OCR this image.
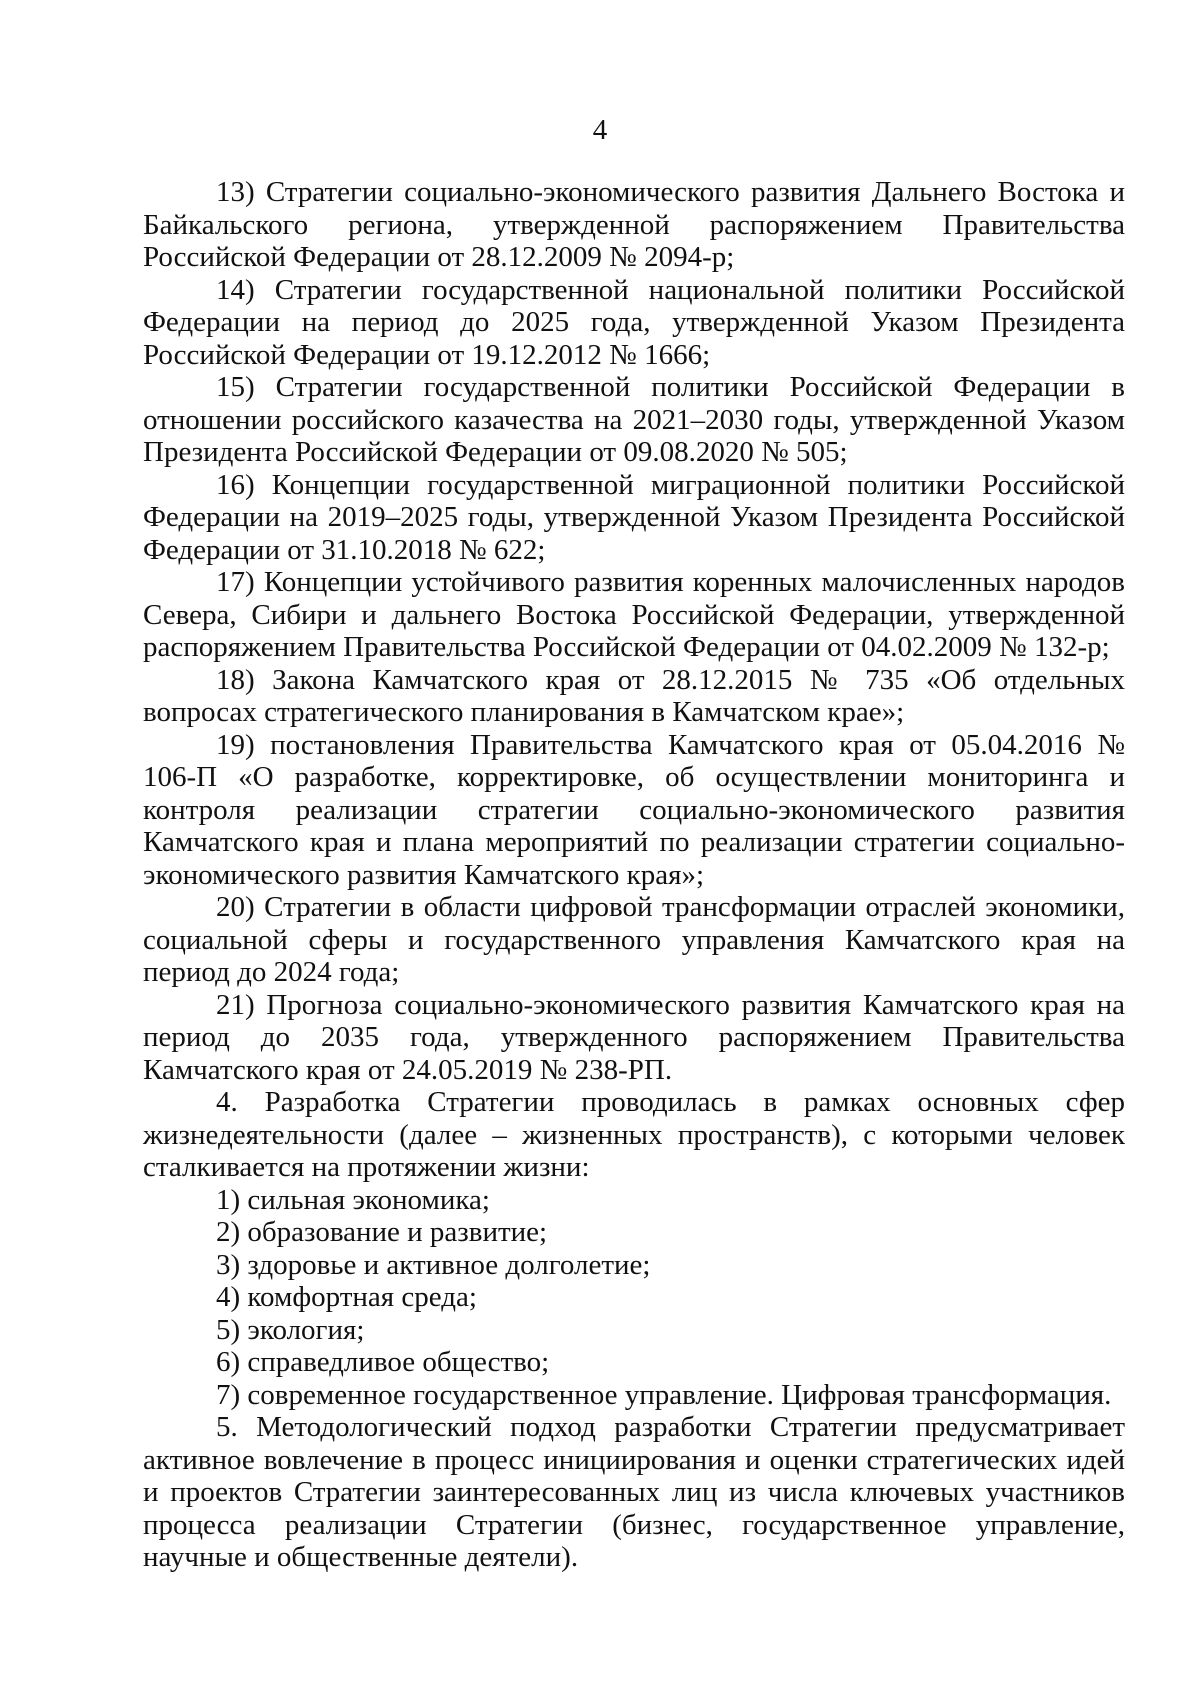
4

13) Стратегии социально-экономического развития Дальнего Востока и Байкальского региона, утвержденной распоряжением Правительства Российской Федерации от 28.12.2009 № 2094-р;

14) Стратегии государственной национальной политики Российской Федерации на период до 2025 года, утвержденной Указом Президента Российской Федерации от 19.12.2012 № 1666;

15) Стратегии государственной политики Российской Федерации в отношении российского казачества на 2021–2030 годы, утвержденной Указом Президента Российской Федерации от 09.08.2020 № 505;

16) Концепции государственной миграционной политики Российской Федерации на 2019–2025 годы, утвержденной Указом Президента Российской Федерации от 31.10.2018 № 622;

17) Концепции устойчивого развития коренных малочисленных народов Севера, Сибири и дальнего Востока Российской Федерации, утвержденной распоряжением Правительства Российской Федерации от 04.02.2009 № 132-р;

18) Закона Камчатского края от 28.12.2015 № 735 «Об отдельных вопросах стратегического планирования в Камчатском крае»;

19) постановления Правительства Камчатского края от 05.04.2016 № 106-П «О разработке, корректировке, об осуществлении мониторинга и контроля реализации стратегии социально-экономического развития Камчатского края и плана мероприятий по реализации стратегии социально-экономического развития Камчатского края»;

20) Стратегии в области цифровой трансформации отраслей экономики, социальной сферы и государственного управления Камчатского края на период до 2024 года;

21) Прогноза социально-экономического развития Камчатского края на период до 2035 года, утвержденного распоряжением Правительства Камчатского края от 24.05.2019 № 238-РП.

4. Разработка Стратегии проводилась в рамках основных сфер жизнедеятельности (далее – жизненных пространств), с которыми человек сталкивается на протяжении жизни:

1) сильная экономика;

2) образование и развитие;

3) здоровье и активное долголетие;

4) комфортная среда;

5) экология;

6) справедливое общество;

7) современное государственное управление. Цифровая трансформация.

5. Методологический подход разработки Стратегии предусматривает активное вовлечение в процесс инициирования и оценки стратегических идей и проектов Стратегии заинтересованных лиц из числа ключевых участников процесса реализации Стратегии (бизнес, государственное управление, научные и общественные деятели).
